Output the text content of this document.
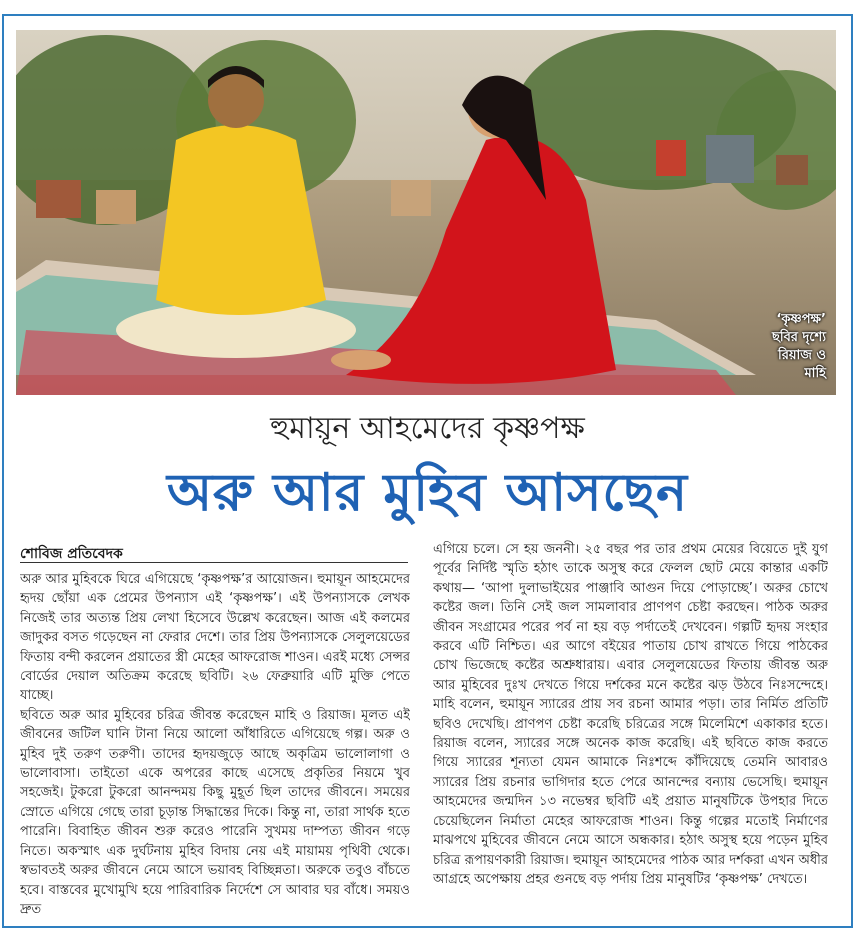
‘কৃষ্ণপক্ষ’
ছবির দৃশ্যে
রিয়াজ ও
মাহি
হুমায়ূন আহমেদের কৃষ্ণপক্ষ
অরু আর মুহিব আসছেন
শোবিজ প্রতিবেদক

অরু আর মুহিবকে ঘিরে এগিয়েছে ‘কৃষ্ণপক্ষ’র আয়োজন। হুমায়ূন আহমেদের হৃদয় ছোঁয়া এক প্রেমের উপন্যাস এই ‘কৃষ্ণপক্ষ’। এই উপন্যাসকে লেখক নিজেই তার অত্যন্ত প্রিয় লেখা হিসেবে উল্লেখ করেছেন। আজ এই কলমের জাদুকর বসত গড়েছেন না ফেরার দেশে। তার প্রিয় উপন্যাসকে সেলুলয়েডের ফিতায় বন্দী করলেন প্রয়াতের স্ত্রী মেহের আফরোজ শাওন। এরই মধ্যে সেন্সর বোর্ডের দেয়াল অতিক্রম করেছে ছবিটি। ২৬ ফেব্রুয়ারি এটি মুক্তি পেতে যাচ্ছে।

ছবিতে অরু আর মুহিবের চরিত্র জীবন্ত করেছেন মাহি ও রিয়াজ। মূলত এই জীবনের জটিল ঘানি টানা নিয়ে আলো আঁধারিতে এগিয়েছে গল্প। অরু ও মুহিব দুই তরুণ তরুণী। তাদের হৃদয়জুড়ে আছে অকৃত্রিম ভালোলাগা ও ভালোবাসা। তাইতো একে অপরের কাছে এসেছে প্রকৃতির নিয়মে খুব সহজেই। টুকরো টুকরো আনন্দময় কিছু মুহূর্ত ছিল তাদের জীবনে। সময়ের স্রোতে এগিয়ে গেছে তারা চূড়ান্ত সিদ্ধান্তের দিকে। কিন্তু না, তারা সার্থক হতে পারেনি। বিবাহিত জীবন শুরু করেও পারেনি সুখময় দাম্পত্য জীবন গড়ে নিতে। অকস্মাৎ এক দুর্ঘটনায় মুহিব বিদায় নেয় এই মায়াময় পৃথিবী থেকে। স্বভাবতই অরুর জীবনে নেমে আসে ভয়াবহ বিচ্ছিন্নতা। অরুকে তবুও বাঁচতে হবে। বাস্তবের মুখোমুখি হয়ে পারিবারিক নির্দেশে সে আবার ঘর বাঁধে। সময়ও দ্রুত

এগিয়ে চলে। সে হয় জননী। ২৫ বছর পর তার প্রথম মেয়ের বিয়েতে দুই যুগ পূর্বের নির্দিষ্ট স্মৃতি হঠাৎ তাকে অসুস্থ করে ফেলল ছোট মেয়ে কান্তার একটি কথায়— ‘আপা দুলাভাইয়ের পাঞ্জাবি আগুন দিয়ে পোড়াচ্ছে’। অরুর চোখে কষ্টের জল। তিনি সেই জল সামলাবার প্রাণপণ চেষ্টা করছেন। পাঠক অরুর জীবন সংগ্রামের পরের পর্ব না হয় বড় পর্দাতেই দেখবেন। গল্পটি হৃদয় সংহার করবে এটি নিশ্চিত। এর আগে বইয়ের পাতায় চোখ রাখতে গিয়ে পাঠকের চোখ ভিজেছে কষ্টের অশ্রুধারায়। এবার সেলুলয়েডের ফিতায় জীবন্ত অরু আর মুহিবের দুঃখ দেখতে গিয়ে দর্শকের মনে কষ্টের ঝড় উঠবে নিঃসন্দেহে। মাহি বলেন, হুমায়ূন স্যারের প্রায় সব রচনা আমার পড়া। তার নির্মিত প্রতিটি ছবিও দেখেছি। প্রাণপণ চেষ্টা করেছি চরিত্রের সঙ্গে মিলেমিশে একাকার হতে। রিয়াজ বলেন, স্যারের সঙ্গে অনেক কাজ করেছি। এই ছবিতে কাজ করতে গিয়ে স্যারের শূন্যতা যেমন আমাকে নিঃশব্দে কাঁদিয়েছে তেমনি আবারও স্যারের প্রিয় রচনার ভাগিদার হতে পেরে আনন্দের বন্যায় ভেসেছি। হুমায়ূন আহমেদের জন্মদিন ১৩ নভেম্বর ছবিটি এই প্রয়াত মানুষটিকে উপহার দিতে চেয়েছিলেন নির্মাতা মেহের আফরোজ শাওন। কিন্তু গল্পের মতোই নির্মাণের মাঝপথে মুহিবের জীবনে নেমে আসে অন্ধকার। হঠাৎ অসুস্থ হয়ে পড়েন মুহিব চরিত্র রূপায়ণকারী রিয়াজ। হুমায়ূন আহমেদের পাঠক আর দর্শকরা এখন অধীর আগ্রহে অপেক্ষায় প্রহর গুনছে বড় পর্দায় প্রিয় মানুষটির ‘কৃষ্ণপক্ষ’ দেখতে।
